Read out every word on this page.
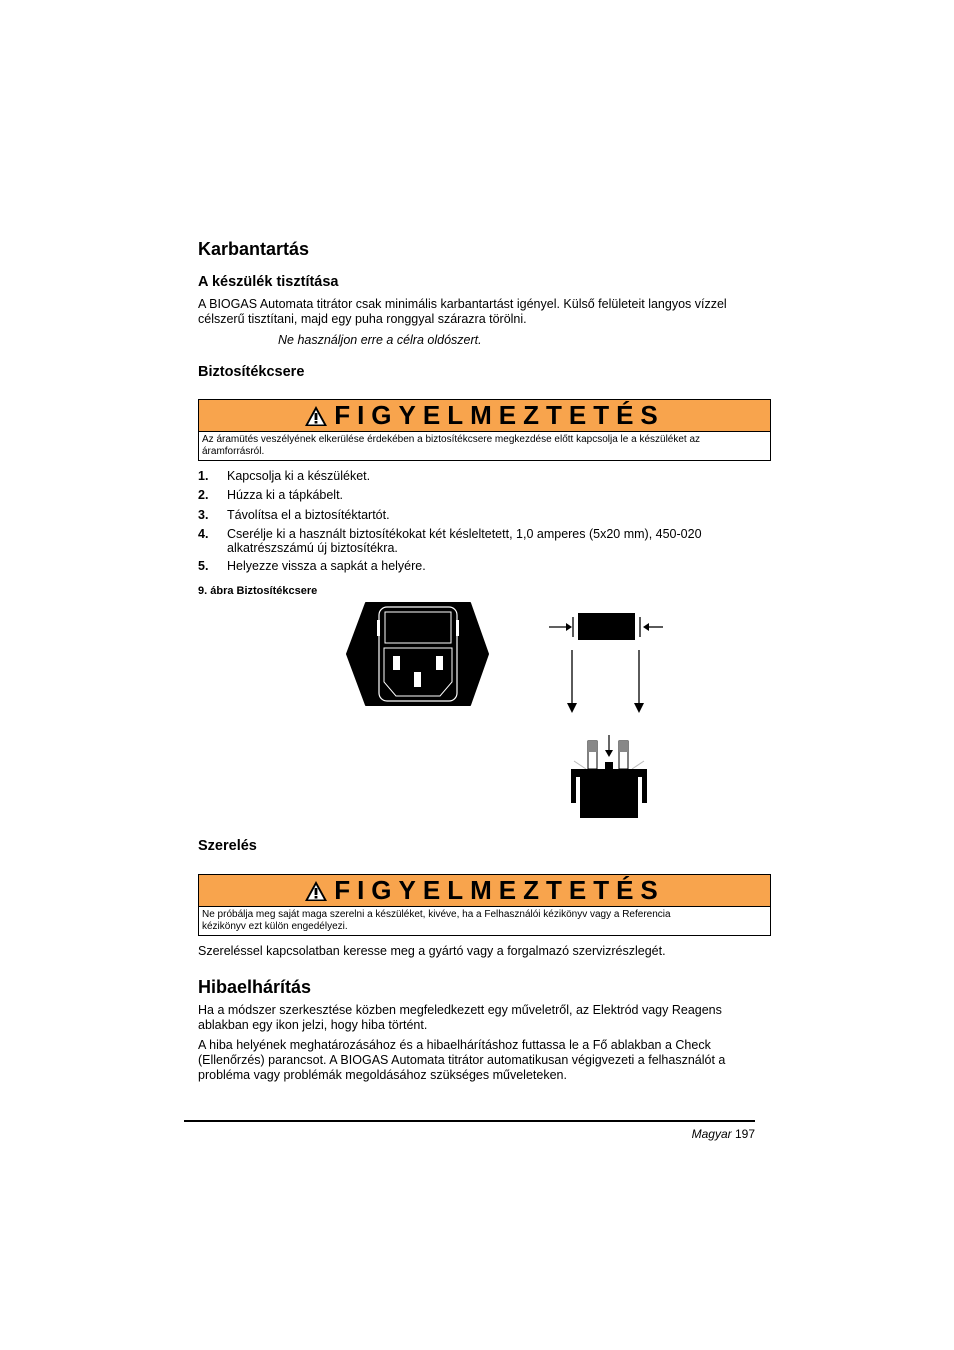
Karbantartás
A készülék tisztítása
A BIOGAS Automata titrátor csak minimális karbantartást igényel. Külső felületeit langyos vízzel
célszerű tisztítani, majd egy puha ronggyal szárazra törölni.
Ne használjon erre a célra oldószert.
Biztosítékcsere
FIGYELMEZTETÉS
Az áramütés veszélyének elkerülése érdekében a biztosítékcsere megkezdése előtt kapcsolja le a készüléket az
áramforrásról.
1. Kapcsolja ki a készüléket.
2. Húzza ki a tápkábelt.
3. Távolítsa el a biztosítéktartót.
4. Cserélje ki a használt biztosítékokat két késleltetett, 1,0 amperes (5x20 mm), 450-020
alkatrészszámú új biztosítékra.
5. Helyezze vissza a sapkát a helyére.
9. ábra Biztosítékcsere
Szerelés
FIGYELMEZTETÉS
Ne próbálja meg saját maga szerelni a készüléket, kivéve, ha a Felhasználói kézikönyv vagy a Referencia
kézikönyv ezt külön engedélyezi.
Szereléssel kapcsolatban keresse meg a gyártó vagy a forgalmazó szervizrészlegét.
Hibaelhárítás
Ha a módszer szerkesztése közben megfeledkezett egy műveletről, az Elektród vagy Reagens
ablakban egy ikon jelzi, hogy hiba történt.
A hiba helyének meghatározásához és a hibaelhárításhoz futtassa le a Fő ablakban a Check
(Ellenőrzés) parancsot. A BIOGAS Automata titrátor automatikusan végigvezeti a felhasználót a
probléma vagy problémák megoldásához szükséges műveleteken.
Magyar 197
